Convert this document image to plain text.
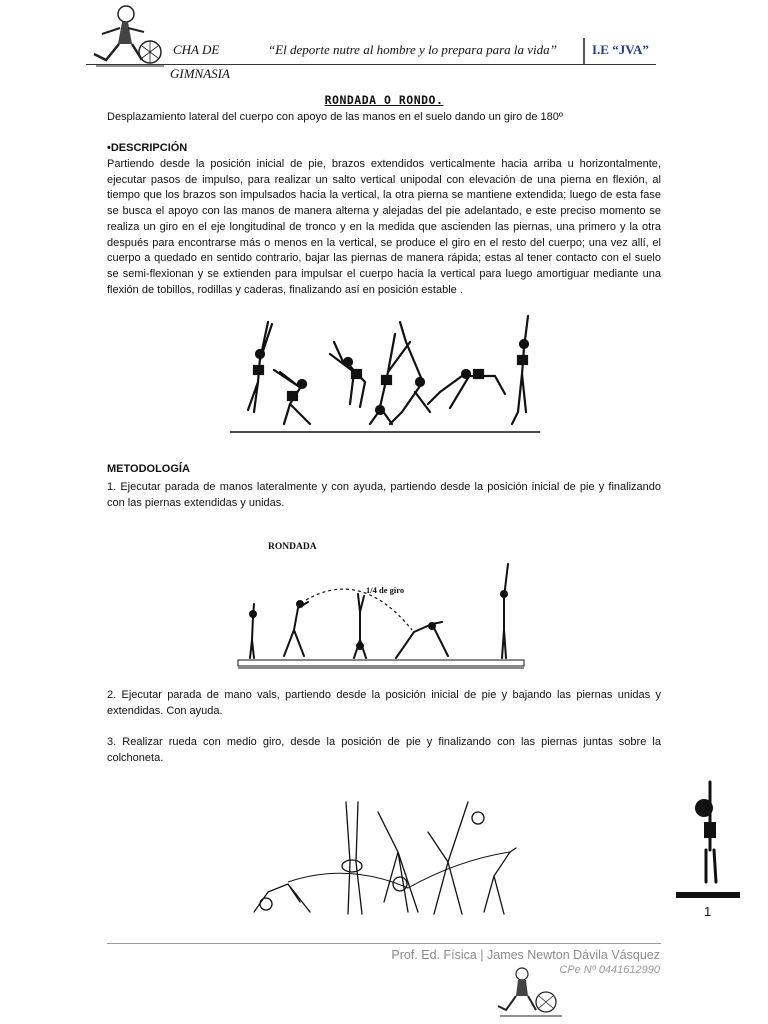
CHA DE
GIMNASIA
“El deporte nutre al hombre y lo prepara para la vida’’	I.E “JVA”
RONDADA O RONDO.
Desplazamiento lateral del cuerpo con apoyo de las manos en el suelo dando un giro de 180º
•DESCRIPCIÓN
Partiendo desde la posición inicial de pie, brazos extendidos verticalmente hacia arriba u horizontalmente, ejecutar pasos de impulso, para realizar un salto vertical unipodal con elevación de una pierna en flexión, al tiempo que los brazos son impulsados hacia la vertical, la otra pierna se mantiene extendida; luego de esta fase se busca el apoyo con las manos de manera alterna y alejadas del pie adelantado, e este preciso momento se realiza un giro en el eje longitudinal de tronco y en la medida que ascienden las piernas, una primero y la otra después para encontrarse más o menos en la vertical, se produce el giro en el resto del cuerpo; una vez allí, el cuerpo a quedado en sentido contrario, bajar las piernas de manera rápida; estas al tener contacto con el suelo se semi-flexionan y se extienden para impulsar el cuerpo hacia la vertical para luego amortiguar mediante una flexión de tobillos, rodillas y caderas, finalizando así en posición estable .
METODOLOGÍA
1. Ejecutar parada de manos lateralmente y con ayuda, partiendo desde la posición inicial de pie y finalizando con las piernas extendidas y unidas.
RONDADA
1/4 de giro
2. Ejecutar parada de mano vals, partiendo desde la posición inicial de pie y bajando las piernas unidas y extendidas. Con ayuda.
3. Realizar rueda con medio giro, desde la posición de pie y finalizando con las piernas juntas sobre la colchoneta.
1
Prof. Ed. Física | James Newton Dávila Vásquez
CPe Nº 0441612990
